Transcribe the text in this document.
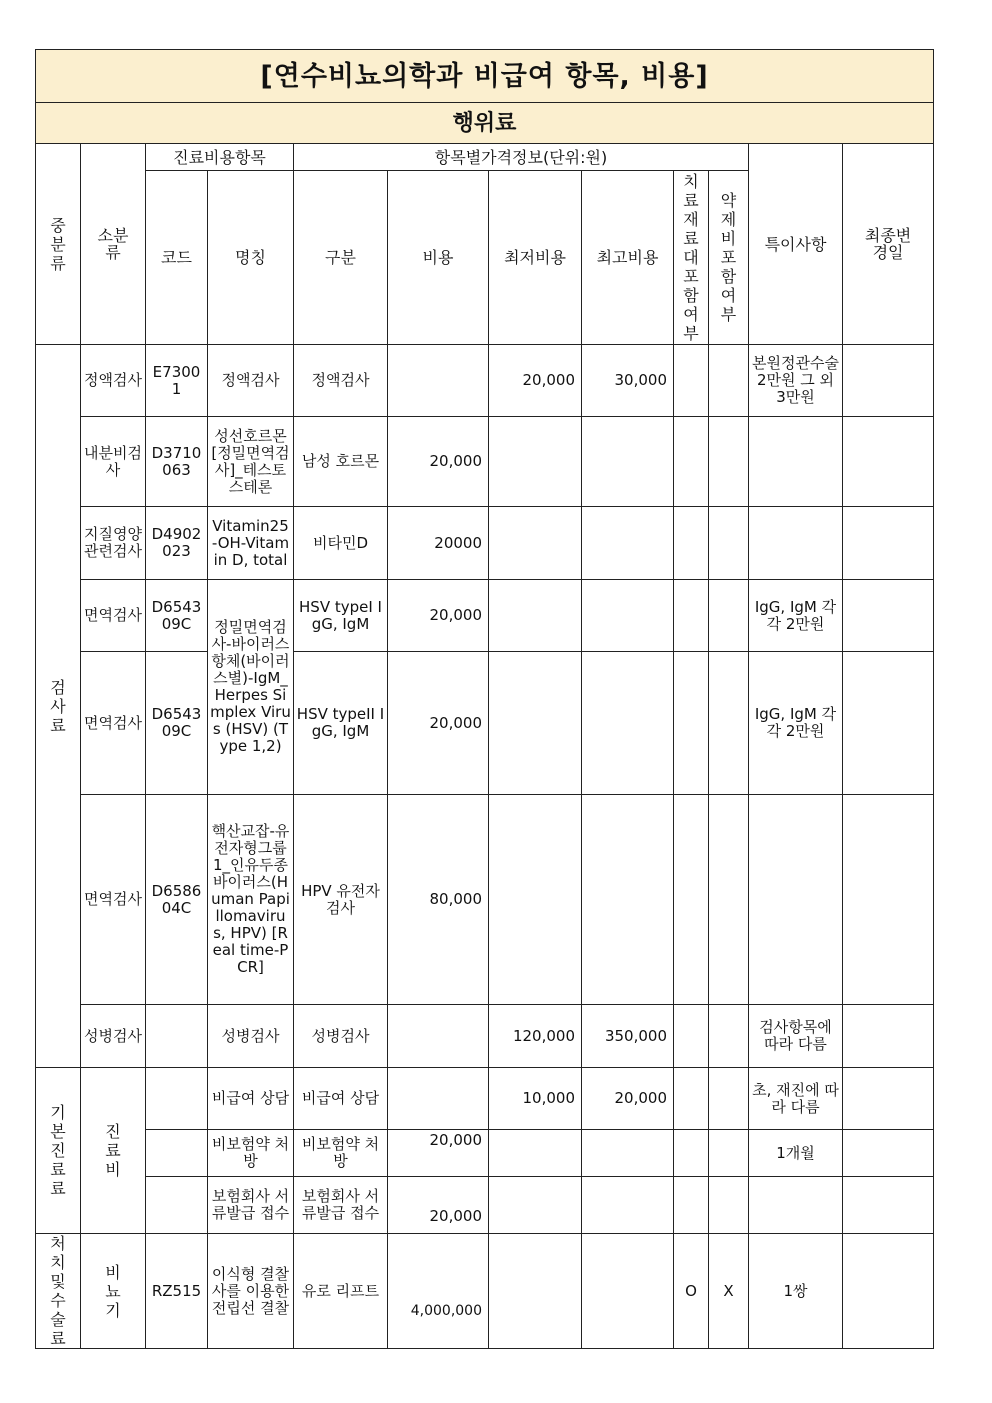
[연수비뇨의학과 비급여 항목, 비용]											
행위료											
중분류	소분류	진료비용항목		항목별가격정보(단위:원)						특이사항	최종변경일
		코드	명칭	구분	비용	최저비용	최고비용	치료재료대포함여부	약제비포함여부		
검사료	정액검사	E73001	정액검사	정액검사		20,000	30,000			본원정관수술 2만원 그 외 3만원	
	내분비검사	D3710063	성선호르몬[정밀면역검사]_테스토스테론	남성 호르몬	20,000						
	지질영양관련검사	D4902023	Vitamin25-OH-Vitamin D, total	비타민D	20000						
	면역검사	D654309C	정밀면역검사-바이러스항체(바이러스별)-IgM_Herpes Simplex Virus (HSV) (Type 1,2)	HSV typeI IgG, IgM	20,000					IgG, IgM 각 각 2만원	
	면역검사	D654309C		HSV typeII IgG, IgM	20,000					IgG, IgM 각 각 2만원	
	면역검사	D658604C	핵산교잡-유전자형그룹1_인유두종바이러스(Human Papillomavirus, HPV) [Real time-PCR]	HPV 유전자 검사	80,000						
	성병검사		성병검사	성병검사		120,000	350,000			검사항목에 따라 다름	
기본진료료	진료비		비급여 상담	비급여 상담		10,000	20,000			초, 재진에 따라 다름	
			비보험약 처방	비보험약 처방	20,000					1개월	
			보험회사 서류발급 접수	보험회사 서류발급 접수	20,000						
처치및수술료	비뇨기	RZ515	이식형 결찰사를 이용한 전립선 결찰	유로 리프트	4,000,000			O	X	1쌍	
